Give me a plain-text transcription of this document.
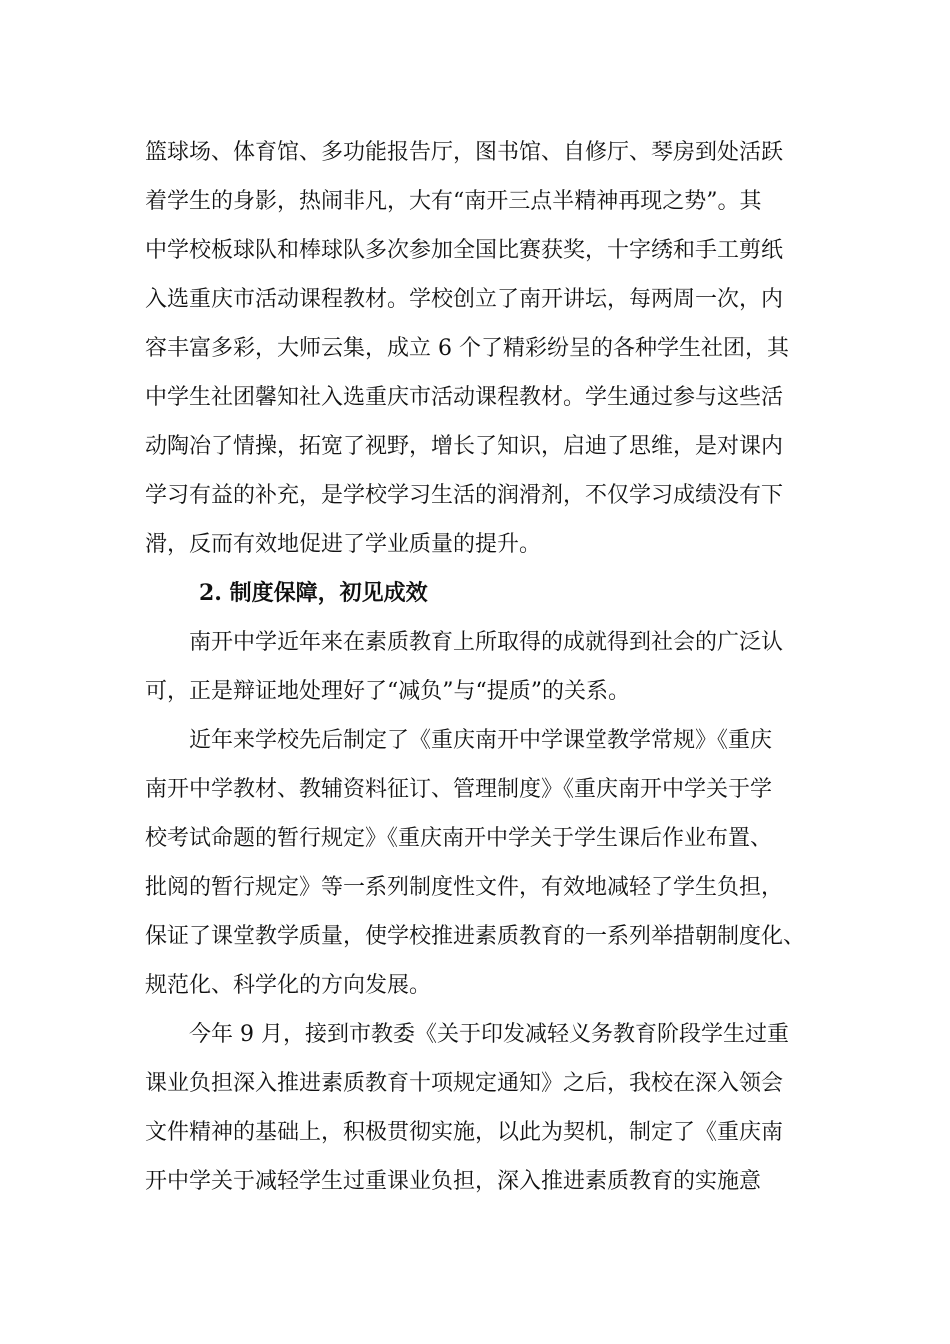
篮球场、体育馆、多功能报告厅，图书馆、自修厅、琴房到处活跃
着学生的身影，热闹非凡，大有“南开三点半精神再现之势”。其
中学校板球队和棒球队多次参加全国比赛获奖，十字绣和手工剪纸
入选重庆市活动课程教材。学校创立了南开讲坛，每两周一次，内
容丰富多彩，大师云集，成立 6 个了精彩纷呈的各种学生社团，其
中学生社团馨知社入选重庆市活动课程教材。学生通过参与这些活
动陶冶了情操，拓宽了视野，增长了知识，启迪了思维，是对课内
学习有益的补充，是学校学习生活的润滑剂，不仅学习成绩没有下
滑，反而有效地促进了学业质量的提升。
2. 制度保障，初见成效
南开中学近年来在素质教育上所取得的成就得到社会的广泛认
可，正是辩证地处理好了“减负”与“提质”的关系。
近年来学校先后制定了《重庆南开中学课堂教学常规》《重庆
南开中学教材、教辅资料征订、管理制度》《重庆南开中学关于学
校考试命题的暂行规定》《重庆南开中学关于学生课后作业布置、
批阅的暂行规定》等一系列制度性文件，有效地减轻了学生负担，
保证了课堂教学质量，使学校推进素质教育的一系列举措朝制度化、
规范化、科学化的方向发展。
今年 9 月，接到市教委《关于印发减轻义务教育阶段学生过重
课业负担深入推进素质教育十项规定通知》之后，我校在深入领会
文件精神的基础上，积极贯彻实施，以此为契机，制定了《重庆南
开中学关于减轻学生过重课业负担，深入推进素质教育的实施意
